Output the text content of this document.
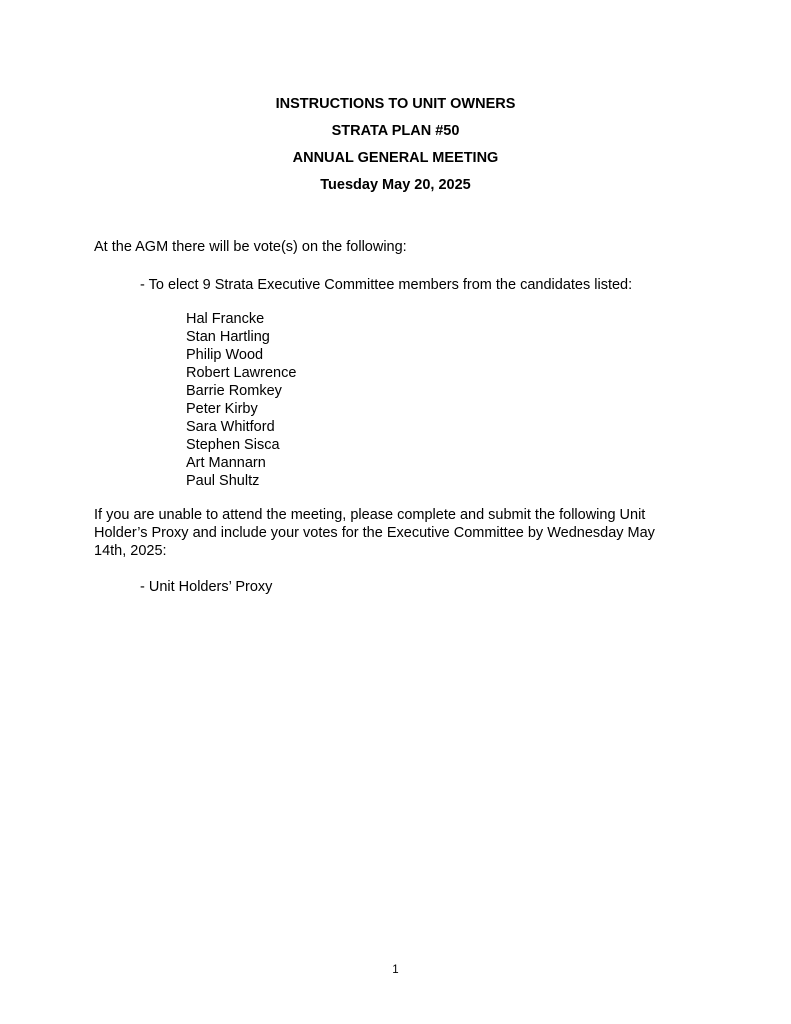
INSTRUCTIONS TO UNIT OWNERS
STRATA PLAN #50
ANNUAL GENERAL MEETING
Tuesday May 20, 2025
At the AGM there will be vote(s) on the following:
- To elect 9 Strata Executive Committee members from the candidates listed:
Hal Francke
Stan Hartling
Philip Wood
Robert Lawrence
Barrie Romkey
Peter Kirby
Sara Whitford
Stephen Sisca
Art Mannarn
Paul Shultz
If you are unable to attend the meeting, please complete and submit the following Unit
Holder’s Proxy and include your votes for the Executive Committee by Wednesday May
14th, 2025:
- Unit Holders’ Proxy
1
